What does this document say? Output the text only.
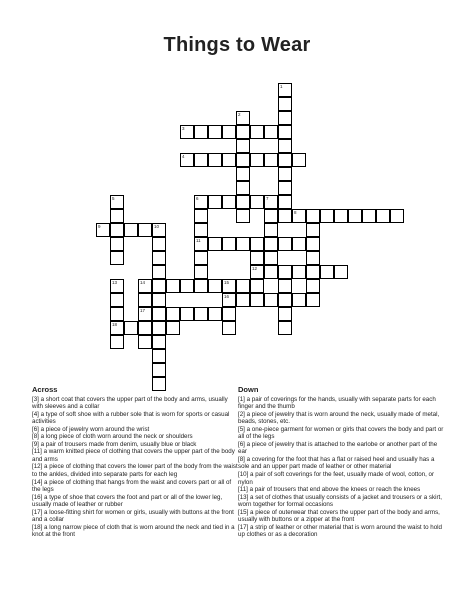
Things to Wear
1
2
3
4
5	6	7
11
8
9	10
12
13
18
14
17
15
16
Across
[3] a short coat that covers the upper part of the body and arms, usually with sleeves and a collar
[4] a type of soft shoe with a rubber sole that is worn for sports or casual activities
[6] a piece of jewelry worn around the wrist
[8] a long piece of cloth worn around the neck or shoulders
[9] a pair of trousers made from denim, usually blue or black
[11] a warm knitted piece of clothing that covers the upper part of the body and arms
[12] a piece of clothing that covers the lower part of the body from the waist to the ankles, divided into separate parts for each leg
[14] a piece of clothing that hangs from the waist and covers part or all of the legs
[16] a type of shoe that covers the foot and part or all of the lower leg, usually made of leather or rubber
[17] a loose-fitting shirt for women or girls, usually with buttons at the front and a collar
[18] a long narrow piece of cloth that is worn around the neck and tied in a knot at the front
Down
[1] a pair of coverings for the hands, usually with separate parts for each finger and the thumb
[2] a piece of jewelry that is worn around the neck, usually made of metal, beads, stones, etc.
[5] a one-piece garment for women or girls that covers the body and part or all of the legs
[6] a piece of jewelry that is attached to the earlobe or another part of the ear
[8] a covering for the foot that has a flat or raised heel and usually has a sole and an upper part made of leather or other material
[10] a pair of soft coverings for the feet, usually made of wool, cotton, or nylon
[11] a pair of trousers that end above the knees or reach the knees
[13] a set of clothes that usually consists of a jacket and trousers or a skirt, worn together for formal occasions
[15] a piece of outerwear that covers the upper part of the body and arms, usually with buttons or a zipper at the front
[17] a strip of leather or other material that is worn around the waist to hold up clothes or as a decoration
